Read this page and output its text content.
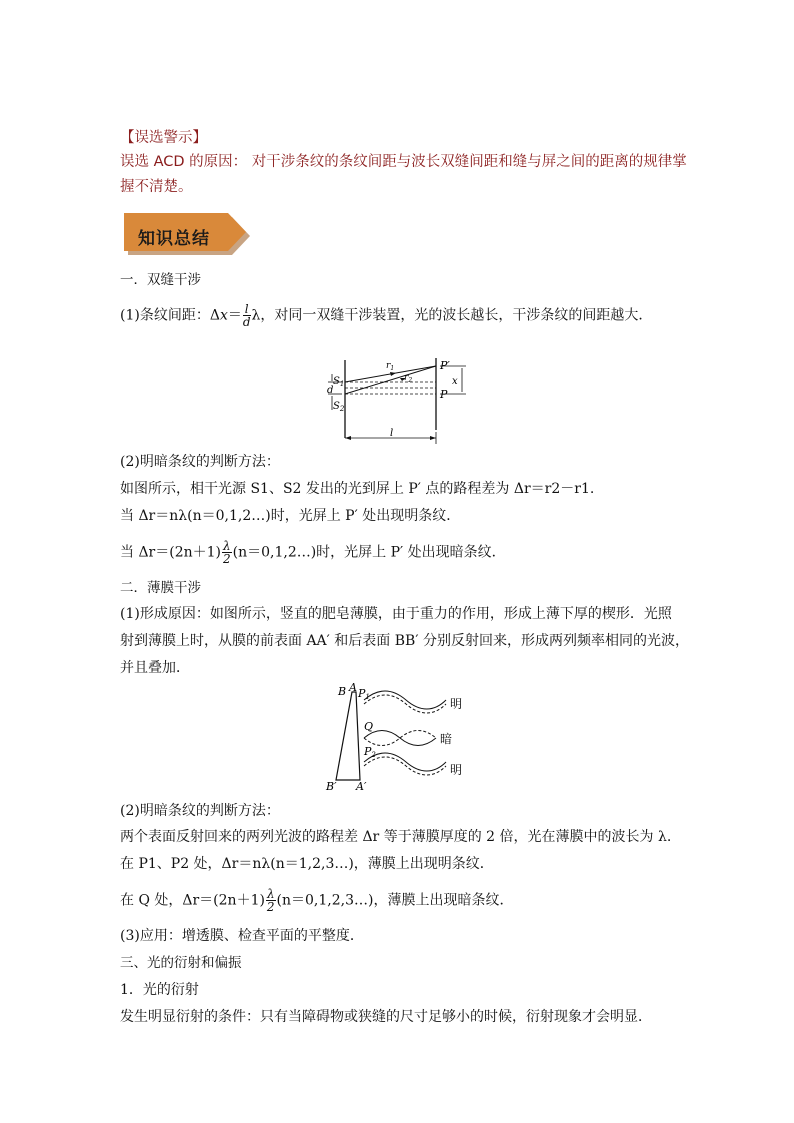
【误选警示】
误选 ACD 的原因： 对干涉条纹的条纹间距与波长双缝间距和缝与屏之间的距离的规律掌
握不清楚。
知识总结
一．双缝干涉
(1)条纹间距：$\Delta x= \frac{l}{d}$ λ，对同一双缝干涉装置，光的波长越长，干涉条纹的间距越大．
$S_1$
d
$S_2$
$r_1$
$r_2$
P′
P
x
l
(2)明暗条纹的判断方法：
如图所示，相干光源 S1、S2 发出的光到屏上 P′ 点的路程差为 Δr＝r2－r1.
当 Δr＝nλ(n＝0,1,2…)时，光屏上 P′ 处出现明条纹．
当 $\Delta r=(2n+1) \frac{\lambda}{2}$ (n＝0,1,2…)时，光屏上 P′ 处出现暗条纹．
二．薄膜干涉
(1)形成原因：如图所示，竖直的肥皂薄膜，由于重力的作用，形成上薄下厚的楔形．光照
射到薄膜上时，从膜的前表面 AA′ 和后表面 BB′ 分别反射回来，形成两列频率相同的光波，
并且叠加．
B A P1
Q
P2
B′ A′
明
暗
明
(2)明暗条纹的判断方法：
两个表面反射回来的两列光波的路程差 Δr 等于薄膜厚度的 2 倍，光在薄膜中的波长为 λ.
在 P1、P2 处，Δr＝nλ(n＝1,2,3…)，薄膜上出现明条纹．
在 Q 处，$\Delta r=(2n+1) \frac{\lambda}{2}$ (n＝0,1,2,3…)，薄膜上出现暗条纹．
(3)应用：增透膜、检查平面的平整度．
三、光的衍射和偏振
1．光的衍射
发生明显衍射的条件：只有当障碍物或狭缝的尺寸足够小的时候，衍射现象才会明显．
